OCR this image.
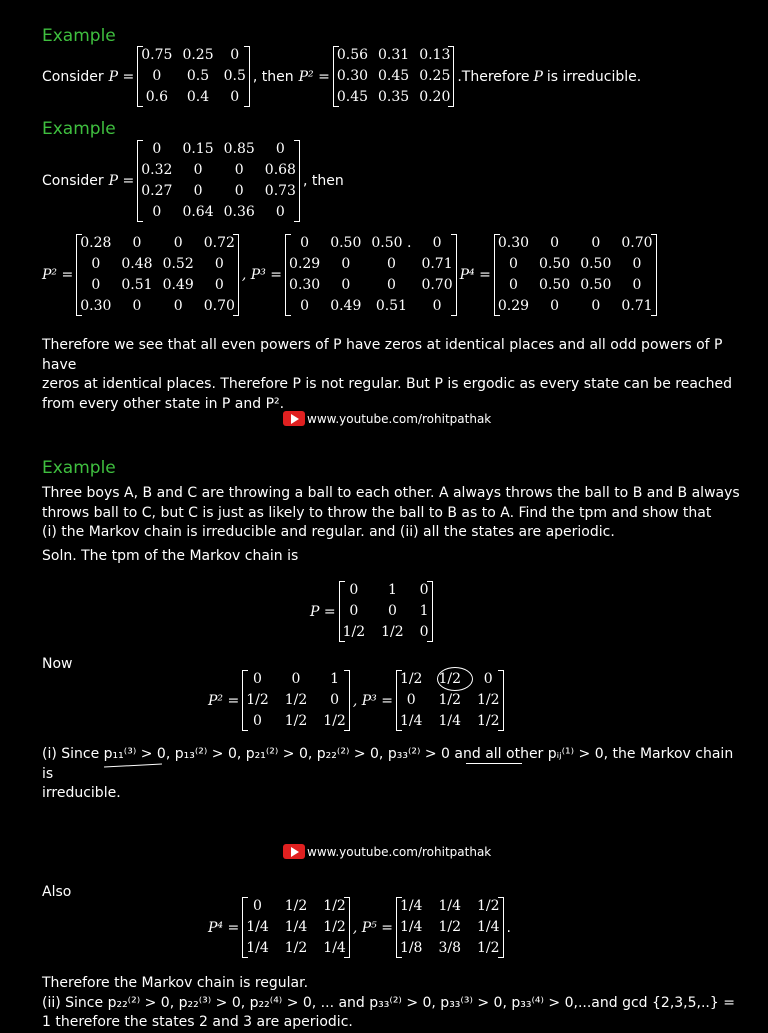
Example
Consider P =
0.75 0.25	0
0	0.5	0.5
0.6	0.4	0
, then P² =
0.56 0.31 0.13
0.30 0.45 0.25
0.45 0.35 0.20
.Therefore P is irreducible.
Example
Consider P =
0	0.15 0.85	0
0.32	0	0	0.68
0.27	0	0	0.73
0	0.64 0.36	0
, then
P² =
0.28	0	0	0.72
0	0.48 0.52	0
0	0.51 0.49	0
0.30	0	0	0.70
, P³ =
0	0.50 0.50 .	0
0.29	0	0	0.71
0.30	0	0	0.70
0	0.49	0.51	0
P⁴ =
0.30	0	0	0.70
0	0.50 0.50	0
0	0.50 0.50	0
0.29	0	0	0.71
Therefore we see that all even powers of P have zeros at identical places and all odd powers of P have
zeros at identical places. Therefore P is not regular. But P is ergodic as every state can be reached
from every other state in P and P².
www.youtube.com/rohitpathak
Example
Three boys A, B and C are throwing a ball to each other. A always throws the ball to B and B always
throws ball to C, but C is just as likely to throw the ball to B as to A. Find the tpm and show that
(i) the Markov chain is irreducible and regular. and (ii) all the states are aperiodic.
Soln. The tpm of the Markov chain is
P =
0	1	0
0	0	1
1/2 1/2 0
Now
P² =
0	0	1
1/2 1/2	0
0	1/2 1/2
, P³ =
1/2 1/2	0
0	1/2 1/2
1/4 1/4 1/2
(i) Since p₁₁⁽³⁾ > 0, p₁₃⁽²⁾ > 0, p₂₁⁽²⁾ > 0, p₂₂⁽²⁾ > 0, p₃₃⁽²⁾ > 0 and all other pᵢⱼ⁽¹⁾ > 0, the Markov chain is
irreducible.
www.youtube.com/rohitpathak
Also
P⁴ =
0	1/2 1/2
1/4 1/4 1/2
1/4 1/2 1/4
, P⁵ =
1/4 1/4 1/2
1/4 1/2 1/4
1/8 3/8 1/2
.
Therefore the Markov chain is regular.
(ii) Since p₂₂⁽²⁾ > 0, p₂₂⁽³⁾ > 0, p₂₂⁽⁴⁾ > 0, ... and p₃₃⁽²⁾ > 0, p₃₃⁽³⁾ > 0, p₃₃⁽⁴⁾ > 0,...and gcd {2,3,5,..} =
1 therefore the states 2 and 3 are aperiodic.
